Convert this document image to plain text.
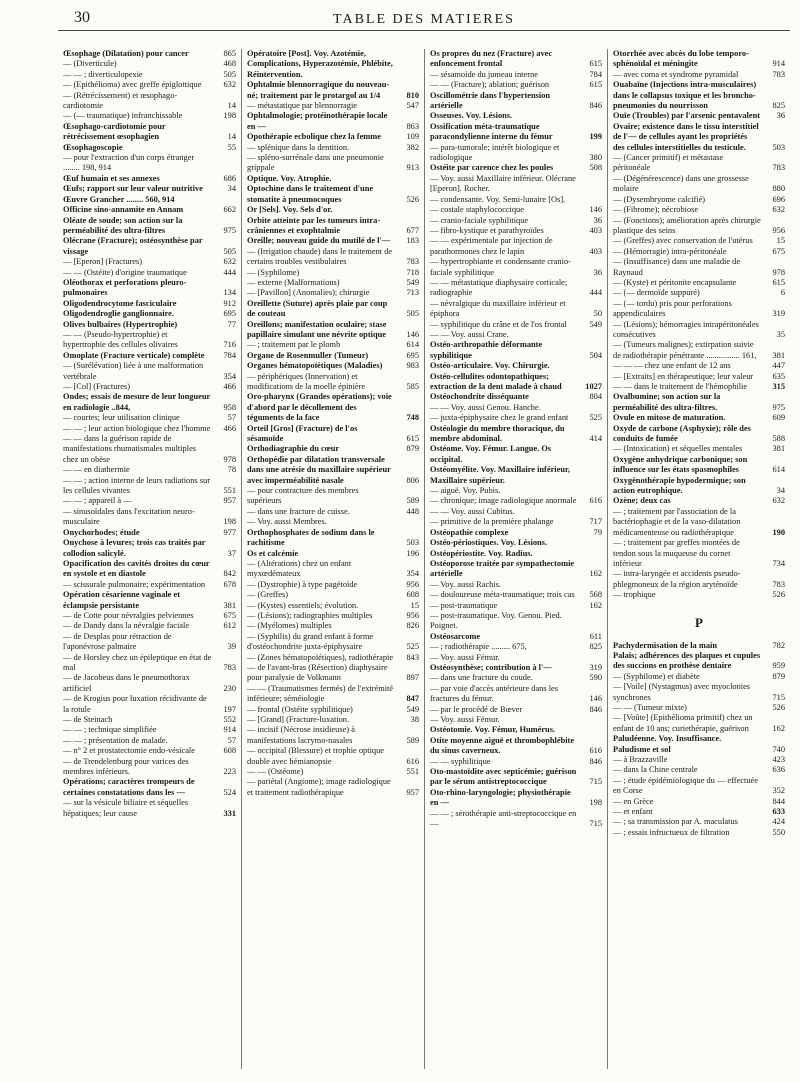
30	TABLE DES MATIERES
Œsophage (Dilatation) pour cancer	865
— (Diverticule)	468
— — ; diverticulopexie	505
— (Epithélioma) avec greffe épiglottique	632
— (Rétrécissement) et œsophago-cardiotomie	14
— (— traumatique) infranchissable	198
Œsophago-cardiotomie pour rétrécissement œsophagien	14
Œsophagoscopie	55
— pour l'extraction d'un corps étranger ........ 198, 914
Œuf humain et ses annexes	686
Œufs; rapport sur leur valeur nutritive	34
Œuvre Grancher ........ 560, 914
Officine sino-annamite en Annam	662
Oléate de soude; son action sur la perméabilité des ultra-filtres	975
Olécrane (Fracture); ostéosynthèse par vissage	505
— [Eperon] (Fractures)	632
— — (Ostéite) d'origine traumatique	444
Oléothorax et perforations pleuro-pulmonaires	134
Oligodendrocytome fasciculaire	912
Oligodendroglie ganglionnaire.	695
Olives bulbaires (Hypertrophie)	77
— — (Pseudo-hypertrophie) et hypertrophie des cellules olivaires	716
Omoplate (Fracture verticale) complète	784
— (Surélévation) liée à une malformation vertébrale	354
— [Col] (Fractures)	466
Ondes; essais de mesure de leur longueur en radiologie ..844,	958
— courtes; leur utilisation clinique	57
— — ; leur action biologique chez l'homme	466
— — dans la guérison rapide de manifestations rhumatismales multiples chez un obèse	978
— — en diathermie	78
— — ; action interne de leurs radiations sur les cellules vivantes	551
— — ; appareil à —	957
— sinusoïdales dans l'excitation neuro-musculaire	198
Onychorhodes; étude	977
Onychose à levures; trois cas traités par collodion salicylé.	37
Opacification des cavités droites du cœur en systole et en diastole	842
— scissurale pulmonaire; expérimentation	678
Opération césarienne vaginale et éclampsie persistante	381
— de Cotte pour névralgies pelviennes	675
— de Dandy dans la névralgie faciale	612
— de Desplas pour rétraction de l'aponévrose palmaire	39
— de Horsley chez un épileptique en état de mal	783
— de Jacobeus dans le pneumothorax artificiel	230
— de Krogius pour luxation récidivante de la rotule	197
— de Steinach	552
— — ; technique simplifiée	914
— — ; présentation de malade.	57
— n° 2 et prostatectomie endo-vésicale	608
— de Trendelenburg pour varices des membres inférieurs.	223
Opérations; caractères trompeurs de certaines constatations dans les —	524
— sur la vésicule biliaire et séquelles hépatiques; leur cause	331
Opératoire [Post]. Voy. Azotémie, Complications, Hyperazotémie, Phlébite, Réintervention.
Ophtalmie blennorragique du nouveau-né; traitement par le protargol au 1/4	810
— métastatique par blennorragie	547
Ophtalmologie; protéinothérapie locale en —	863
Opothérapie ecbolique chez la femme	109
— splénique dans la dentition.	382
— spléno-surrénale dans une pneumonie grippale	913
Optique. Voy. Atrophie.
Optochine dans le traitement d'une stomatite à pneumocoques	526
Or [Sels]. Voy. Sels d'or.
Orbite atteinte par les tumeurs intra-crâniennes et exophtalmie	677
Oreille; nouveau guide du mutilé de l'—	183
— (Irrigation chaude) dans le traitement de certains troubles vestibulaires	783
— (Syphilome)	718
— externe (Malformations)	549
— [Pavillon] (Anomalies); chirurgie	713
Oreillette (Suture) après plaie par coup de couteau	505
Oreillons; manifestation oculaire; stase papillaire simulant une névrite optique	146
— ; traitement par le plomb	614
Organe de Rosenmuller (Tumeur)	695
Organes hématopoïétiques (Maladies)	983
— périphériques (Innervation) et modifications de la moelle épinière	585
Oro-pharynx (Grandes opérations); voie d'abord par le décollement des téguments de la face	748
Orteil [Gros] (Fracture) de l'os sésamoïde	615
Orthodiagraphie du cœur	879
Orthopédie par dilatation transversale dans une atrésie du maxillaire supérieur avec imperméabilité nasale	806
— pour contracture des membres supérieurs	589
— dans une fracture de cuisse.	448
— Voy. aussi Membres.
Orthophosphates de sodium dans le rachitisme	503
Os et calcémie	196
— (Altérations) chez un enfant myxœdémateux	354
— (Dystrophie) à type pagétoïde	956
— (Greffes)	608
— (Kystes) essentiels; évolution.	15
— (Lésions); radiographies multiples	956
— (Myélomes) multiples	826
— (Syphilis) du grand enfant à forme d'ostéochondrite juxta-épiphysaire	525
— (Zones hématopoïétiques), radiothérapie	843
— de l'avant-bras (Résection) diaphysaire pour paralysie de Volkmann	897
— — (Traumatismes fermés) de l'extrémité inférieure; séméiologie	847
— frontal (Ostéite syphilitique)	549
— [Grand] (Fracture-luxation.	38
— incisif (Nécrose insidieuse) à manifestations lacrymo-nasales	589
— occipital (Blessure) et trophie optique double avec hémianopsie	616
— — (Ostéome)	551
— pariétal (Angiome); image radiologique et traitement radiothérapique	957
Os propres du nez (Fracture) avec enfoncement frontal	615
— sésamoïde du jumeau interne	784
— — (Fracture); ablation; guérison	615
Oscillométrie dans l'hypertension artérielle	846
Osseuses. Voy. Lésions.
Ossification méta-traumatique paracondylienne interne du fémur	199
— para-tumorale; intérêt biologique et radiologique	380
Ostéite par carence chez les poules	508
— Voy. aussi Maxillaire inférieur. Olécrane [Eperon]. Rocher.
— condensante. Voy. Semi-lunaire [Os].
— costale staphylococcique	146
— cranio-faciale syphilitique	36
— fibro-kystique et parathyroïdes	403
— — expérimentale par injection de parathormones chez le lapin	403
— hypertrophiante et condensante cranio-faciale syphilitique	36
— — métastatique diaphysaire corticale; radiographie	444
— névralgique du maxillaire inférieur et épiphora	50
— syphilitique du crâne et de l'os frontal	549
— — Voy. aussi Crane.
Ostéo-arthropathie déformante syphilitique	504
Ostéo-articulaire. Voy. Chirurgie.
Ostéo-cellulites odontopathiques; extraction de la dent malade à chaud	1027
Ostéochondrite disséquante	804
— — Voy. aussi Genou. Hanche.
— juxta-épiphysaire chez le grand enfant	525
Ostéologie du membre thoracique, du membre abdominal.	414
Ostéome. Voy. Fémur. Langue. Os occipital.
Ostéomyélite. Voy. Maxillaire inférieur, Maxillaire supérieur.
— aiguë. Voy. Pubis.
— chronique; image radiologique anormale	616
— — Voy. aussi Cubitus.
— primitive de la première phalange	717
Ostéopathie complexe	79
Ostéo-périostiques. Voy. Lésions.
Ostéopériostite. Voy. Radius.
Ostéoporose traitée par sympathectomie artérielle	162
— Voy. aussi Rachis.
— douloureuse méta-traumatique; trois cas	568
— post-traumatique	162
— post-traumatique. Voy. Genou. Pied. Poignet.
Ostéosarcome	611
— ; radiothérapie ......... 675,	825
— Voy. aussi Fémur.
Ostéosynthèse; contribution à l'—	319
— dans une fracture du coude.	590
— par voie d'accès antérieure dans les fractures du fémur.	146
— par le procédé de Bœver	846
— Voy. aussi Fémur.
Ostéotomie. Voy. Fémur, Humérus.
Otite moyenne aiguë et thrombophlébite du sinus caverneux.	616
— — syphilitique	846
Oto-mastoïdite avec septicémie; guérison par le sérum antistreptococcique	715
Oto-rhino-laryngologie; physiothérapie en —	198
— — ; sérothérapie anti-streptococcique en —	715
Otorrhée avec abcès du lobe temporo-sphénoïdal et méningite	914
— avec coma et syndrome pyramidal	783
Ouabaïne (Injections intra-musculaires) dans le collapsus toxique et les broncho-pneumonies du nourrisson	825
Ouïe (Troubles) par l'arsenic pentavalent	36
Ovaire; existence dans le tissu interstitiel de l'— de cellules ayant les propriétés des cellules interstitielles du testicule.	503
— (Cancer primitif) et métastase péritonéale	783
— (Dégénérescence) dans une grossesse molaire	880
— (Dysembryome calcifié)	696
— (Fibrome); nécrobiose	632
— (Fonctions); amélioration après chirurgie plastique des seins	956
— (Greffes) avec conservation de l'utérus	15
— (Hémorragie) intra-péritonéale	675
— (Insuffisance) dans une maladie de Raynaud	978
— (Kyste) et péritonite encapsulante	615
— (— dermoïde suppuré)	6
— (— tordu) pris pour perforations appendiculaires	319
— (Lésions); hémorragies intrapéritonéales consécutives	35
— (Tumeurs malignes); extirpation suivie de radiothérapie pénétrante ................ 161,	381
— — — chez une enfant de 12 ans	447
— [Extraits] en thérapeutique; leur valeur	635
— — dans le traitement de l'hémophilie	315
Ovalbumine; son action sur la perméabilité des ultra-filtres.	975
Ovule en mitose de maturation.	609
Oxyde de carbone (Asphyxie); rôle des conduits de fumée	588
— (Intoxication) et séquelles mentales	381
Oxygène anhydrique carbonique; son influence sur les états spasmophiles	614
Oxygénothérapie hypodermique; son action eutrophique.	34
Ozène; deux cas	632
— ; traitement par l'association de la bactériophagie et de la vaso-dilatation médicamenteuse ou radiothérapique	190
— ; traitement par greffes montées de tendon sous la muqueuse du cornet inférieur	734
— intra-laryngée et accidents pseudo-phlegmoneux de la région aryténoïde	783
— trophique	526
P
Pachydermisation de la main	782
Palais; adhérences des plaques et cupules des succions en prothèse dentaire	959
— (Syphilome) et diabète	879
— [Voile] (Nystagmus) avec myoclonies synchrones	715
— — (Tumeur mixte)	526
— [Voûte] (Epithélioma primitif) chez un enfant de 10 ans; curiethérapie, guérison	162
Paludéenne. Voy. Insuffisance.
Paludisme et sol	740
— à Brazzaville	423
— dans la Chine centrale	636
— ; étude épidémiologique du — effectuée en Corse	352
— en Grèce	844
— et enfant	633
— ; sa transmission par A. maculatus	424
— ; essais infructueux de filtration	550
